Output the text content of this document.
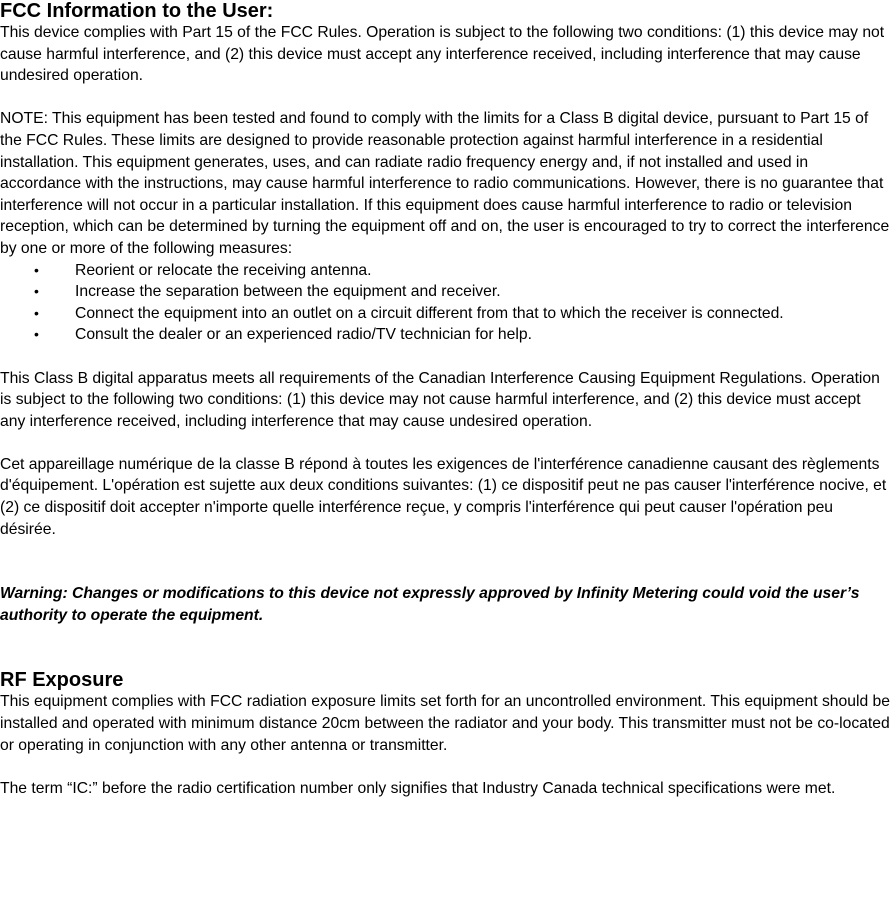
FCC Information to the User:

This device complies with Part 15 of the FCC Rules. Operation is subject to the following two conditions: (1) this device may not cause harmful interference, and (2) this device must accept any interference received, including interference that may cause undesired operation.

NOTE: This equipment has been tested and found to comply with the limits for a Class B digital device, pursuant to Part 15 of the FCC Rules. These limits are designed to provide reasonable protection against harmful interference in a residential installation. This equipment generates, uses, and can radiate radio frequency energy and, if not installed and used in accordance with the instructions, may cause harmful interference to radio communications. However, there is no guarantee that interference will not occur in a particular installation. If this equipment does cause harmful interference to radio or television reception, which can be determined by turning the equipment off and on, the user is encouraged to try to correct the interference by one or more of the following measures:

• Reorient or relocate the receiving antenna.
• Increase the separation between the equipment and receiver.
• Connect the equipment into an outlet on a circuit different from that to which the receiver is connected.
• Consult the dealer or an experienced radio/TV technician for help.

This Class B digital apparatus meets all requirements of the Canadian Interference Causing Equipment Regulations. Operation is subject to the following two conditions: (1) this device may not cause harmful interference, and (2) this device must accept any interference received, including interference that may cause undesired operation.

Cet appareillage numérique de la classe B répond à toutes les exigences de l'interférence canadienne causant des règlements d'équipement. L'opération est sujette aux deux conditions suivantes: (1) ce dispositif peut ne pas causer l'interférence nocive, et (2) ce dispositif doit accepter n'importe quelle interférence reçue, y compris l'interférence qui peut causer l'opération peu désirée.

Warning: Changes or modifications to this device not expressly approved by Infinity Metering could void the user’s authority to operate the equipment.

RF Exposure

This equipment complies with FCC radiation exposure limits set forth for an uncontrolled environment. This equipment should be installed and operated with minimum distance 20cm between the radiator and your body. This transmitter must not be co-located or operating in conjunction with any other antenna or transmitter.

The term “IC:” before the radio certification number only signifies that Industry Canada technical specifications were met.
